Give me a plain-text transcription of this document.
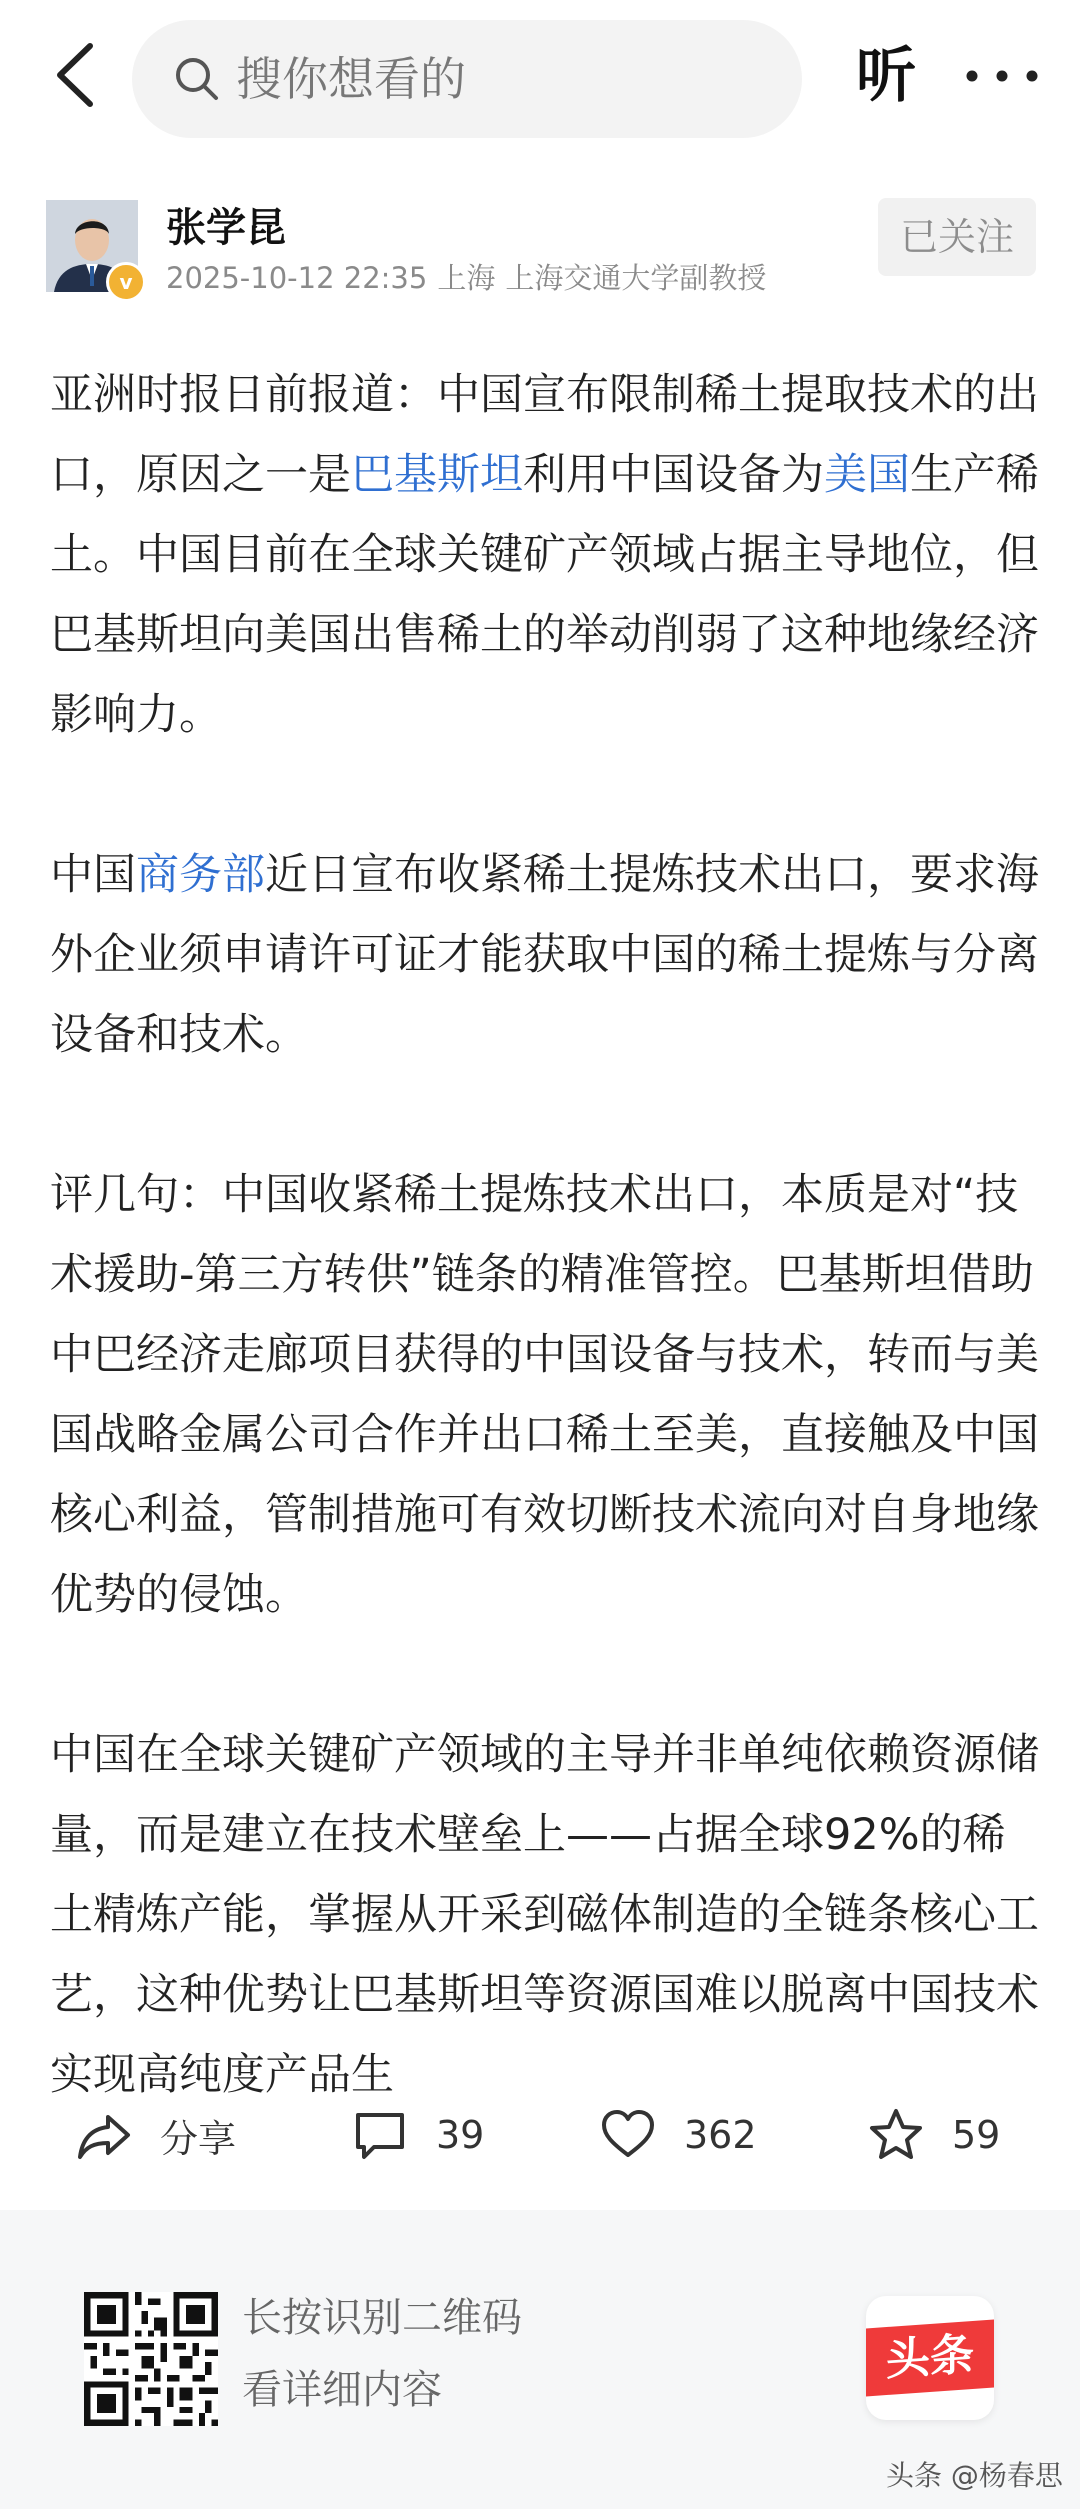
搜你想看的	听
v
张学昆
2025-10-12 22:35 上海 上海交通大学副教授
已关注

亚洲时报日前报道：中国宣布限制稀土提取技术的出口，原因之一是巴基斯坦利用中国设备为美国生产稀土。中国目前在全球关键矿产领域占据主导地位，但巴基斯坦向美国出售稀土的举动削弱了这种地缘经济影响力。

中国商务部近日宣布收紧稀土提炼技术出口，要求海外企业须申请许可证才能获取中国的稀土提炼与分离设备和技术。

评几句：中国收紧稀土提炼技术出口，本质是对“技术援助-第三方转供”链条的精准管控。巴基斯坦借助中巴经济走廊项目获得的中国设备与技术，转而与美国战略金属公司合作并出口稀土至美，直接触及中国核心利益，管制措施可有效切断技术流向对自身地缘优势的侵蚀。

中国在全球关键矿产领域的主导并非单纯依赖资源储量，而是建立在技术壁垒上——占据全球92%的稀土精炼产能，掌握从开采到磁体制造的全链条核心工艺，这种优势让巴基斯坦等资源国难以脱离中国技术实现高纯度产品生

分享	39	362	59
长按识别二维码
看详细内容
头条
头条 @杨春思
